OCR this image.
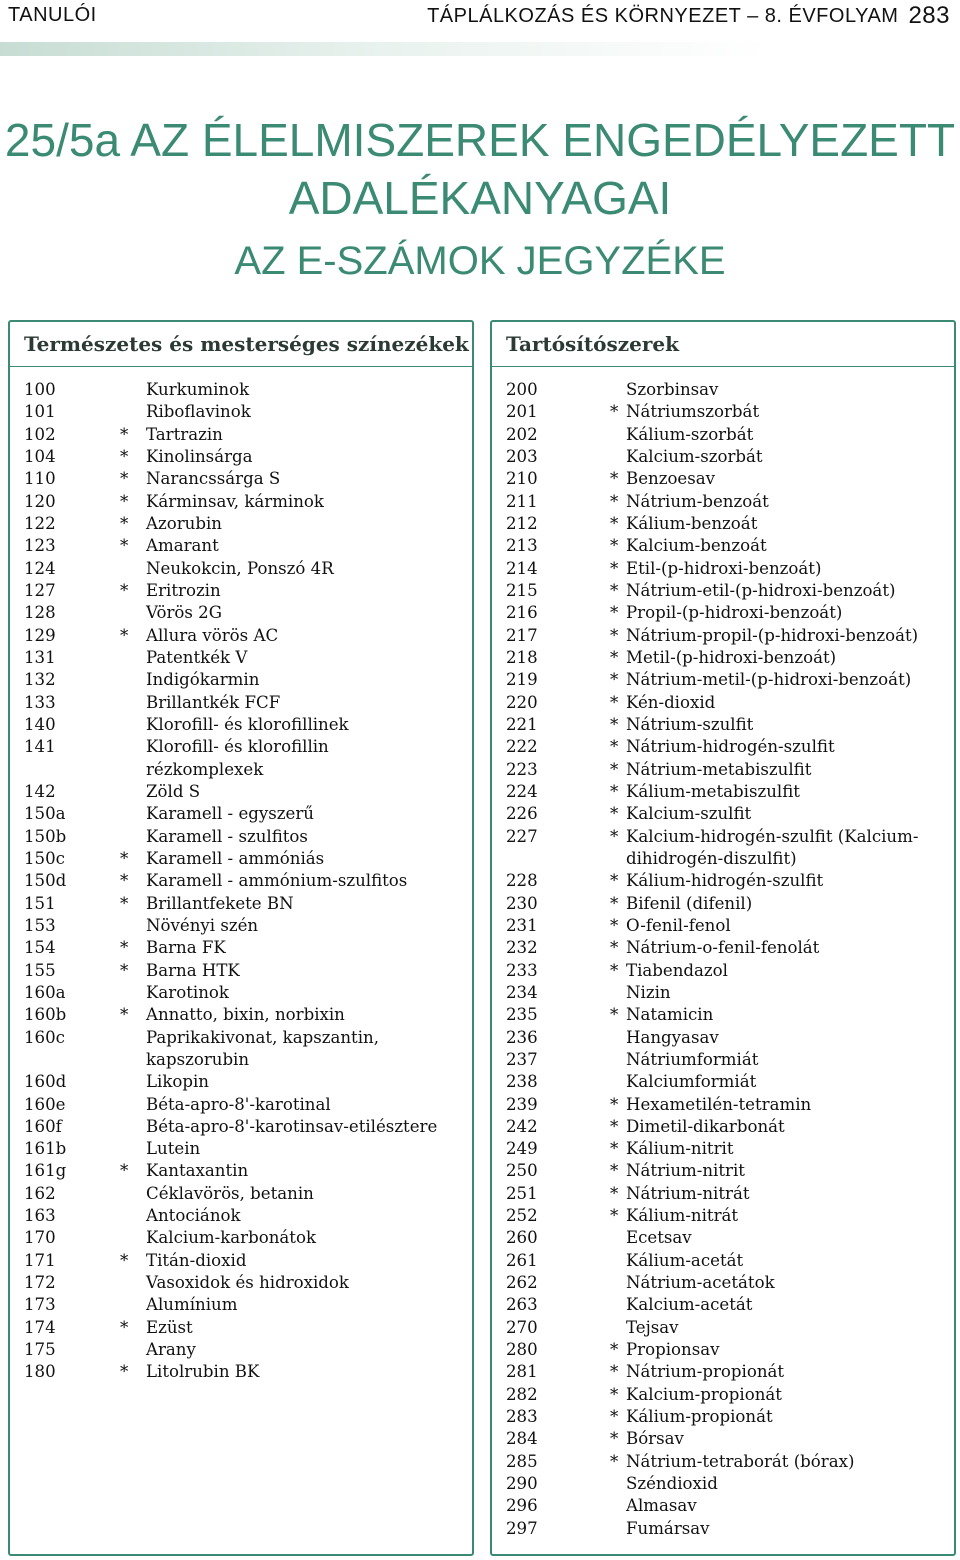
TANULÓI	TÁPLÁLKOZÁS ÉS KÖRNYEZET – 8. ÉVFOLYAM 283
25/5a AZ ÉLELMISZEREK ENGEDÉLYEZETT
ADALÉKANYAGAI
AZ E-SZÁMOK JEGYZÉKE
Természetes és mesterséges színezékek
100	Kurkuminok
101	Riboflavinok
102	* Tartrazin
104	* Kinolinsárga
110	* Narancssárga S
120	* Kárminsav, kárminok
122	* Azorubin
123	* Amarant
124	Neukokcin, Ponszó 4R
127	* Eritrozin
128	Vörös 2G
129	* Allura vörös AC
131	Patentkék V
132	Indigókarmin
133	Brillantkék FCF
140	Klorofill- és klorofillinek
141	Klorofill- és klorofillin
rézkomplexek
142	Zöld S
150a	Karamell - egyszerű
150b	Karamell - szulfitos
150c	* Karamell - ammóniás
150d	* Karamell - ammónium-szulfitos
151	* Brillantfekete BN
153	Növényi szén
154	* Barna FK
155	* Barna HTK
160a	Karotinok
160b	* Annatto, bixin, norbixin
160c	Paprikakivonat, kapszantin,
kapszorubin
160d	Likopin
160e	Béta-apro-8'-karotinal
160f	Béta-apro-8'-karotinsav-etilésztere
161b	Lutein
161g	* Kantaxantin
162	Céklavörös, betanin
163	Antociánok
170	Kalcium-karbonátok
171	* Titán-dioxid
172	Vasoxidok és hidroxidok
173	Alumínium
174	* Ezüst
175	Arany
180	* Litolrubin BK
Tartósítószerek
200	Szorbinsav
201	* Nátriumszorbát
202	Kálium-szorbát
203	Kalcium-szorbát
210	* Benzoesav
211	* Nátrium-benzoát
212	* Kálium-benzoát
213	* Kalcium-benzoát
214	* Etil-(p-hidroxi-benzoát)
215	* Nátrium-etil-(p-hidroxi-benzoát)
216	* Propil-(p-hidroxi-benzoát)
217	* Nátrium-propil-(p-hidroxi-benzoát)
218	* Metil-(p-hidroxi-benzoát)
219	* Nátrium-metil-(p-hidroxi-benzoát)
220	* Kén-dioxid
221	* Nátrium-szulfit
222	* Nátrium-hidrogén-szulfit
223	* Nátrium-metabiszulfit
224	* Kálium-metabiszulfit
226	* Kalcium-szulfit
227	* Kalcium-hidrogén-szulfit (Kalcium-
dihidrogén-diszulfit)
228	* Kálium-hidrogén-szulfit
230	* Bifenil (difenil)
231	* O-fenil-fenol
232	* Nátrium-o-fenil-fenolát
233	* Tiabendazol
234	Nizin
235	* Natamicin
236	Hangyasav
237	Nátriumformiát
238	Kalciumformiát
239	* Hexametilén-tetramin
242	* Dimetil-dikarbonát
249	* Kálium-nitrit
250	* Nátrium-nitrit
251	* Nátrium-nitrát
252	* Kálium-nitrát
260	Ecetsav
261	Kálium-acetát
262	Nátrium-acetátok
263	Kalcium-acetát
270	Tejsav
280	* Propionsav
281	* Nátrium-propionát
282	* Kalcium-propionát
283	* Kálium-propionát
284	* Bórsav
285	* Nátrium-tetraborát (bórax)
290	Széndioxid
296	Almasav
297	Fumársav
